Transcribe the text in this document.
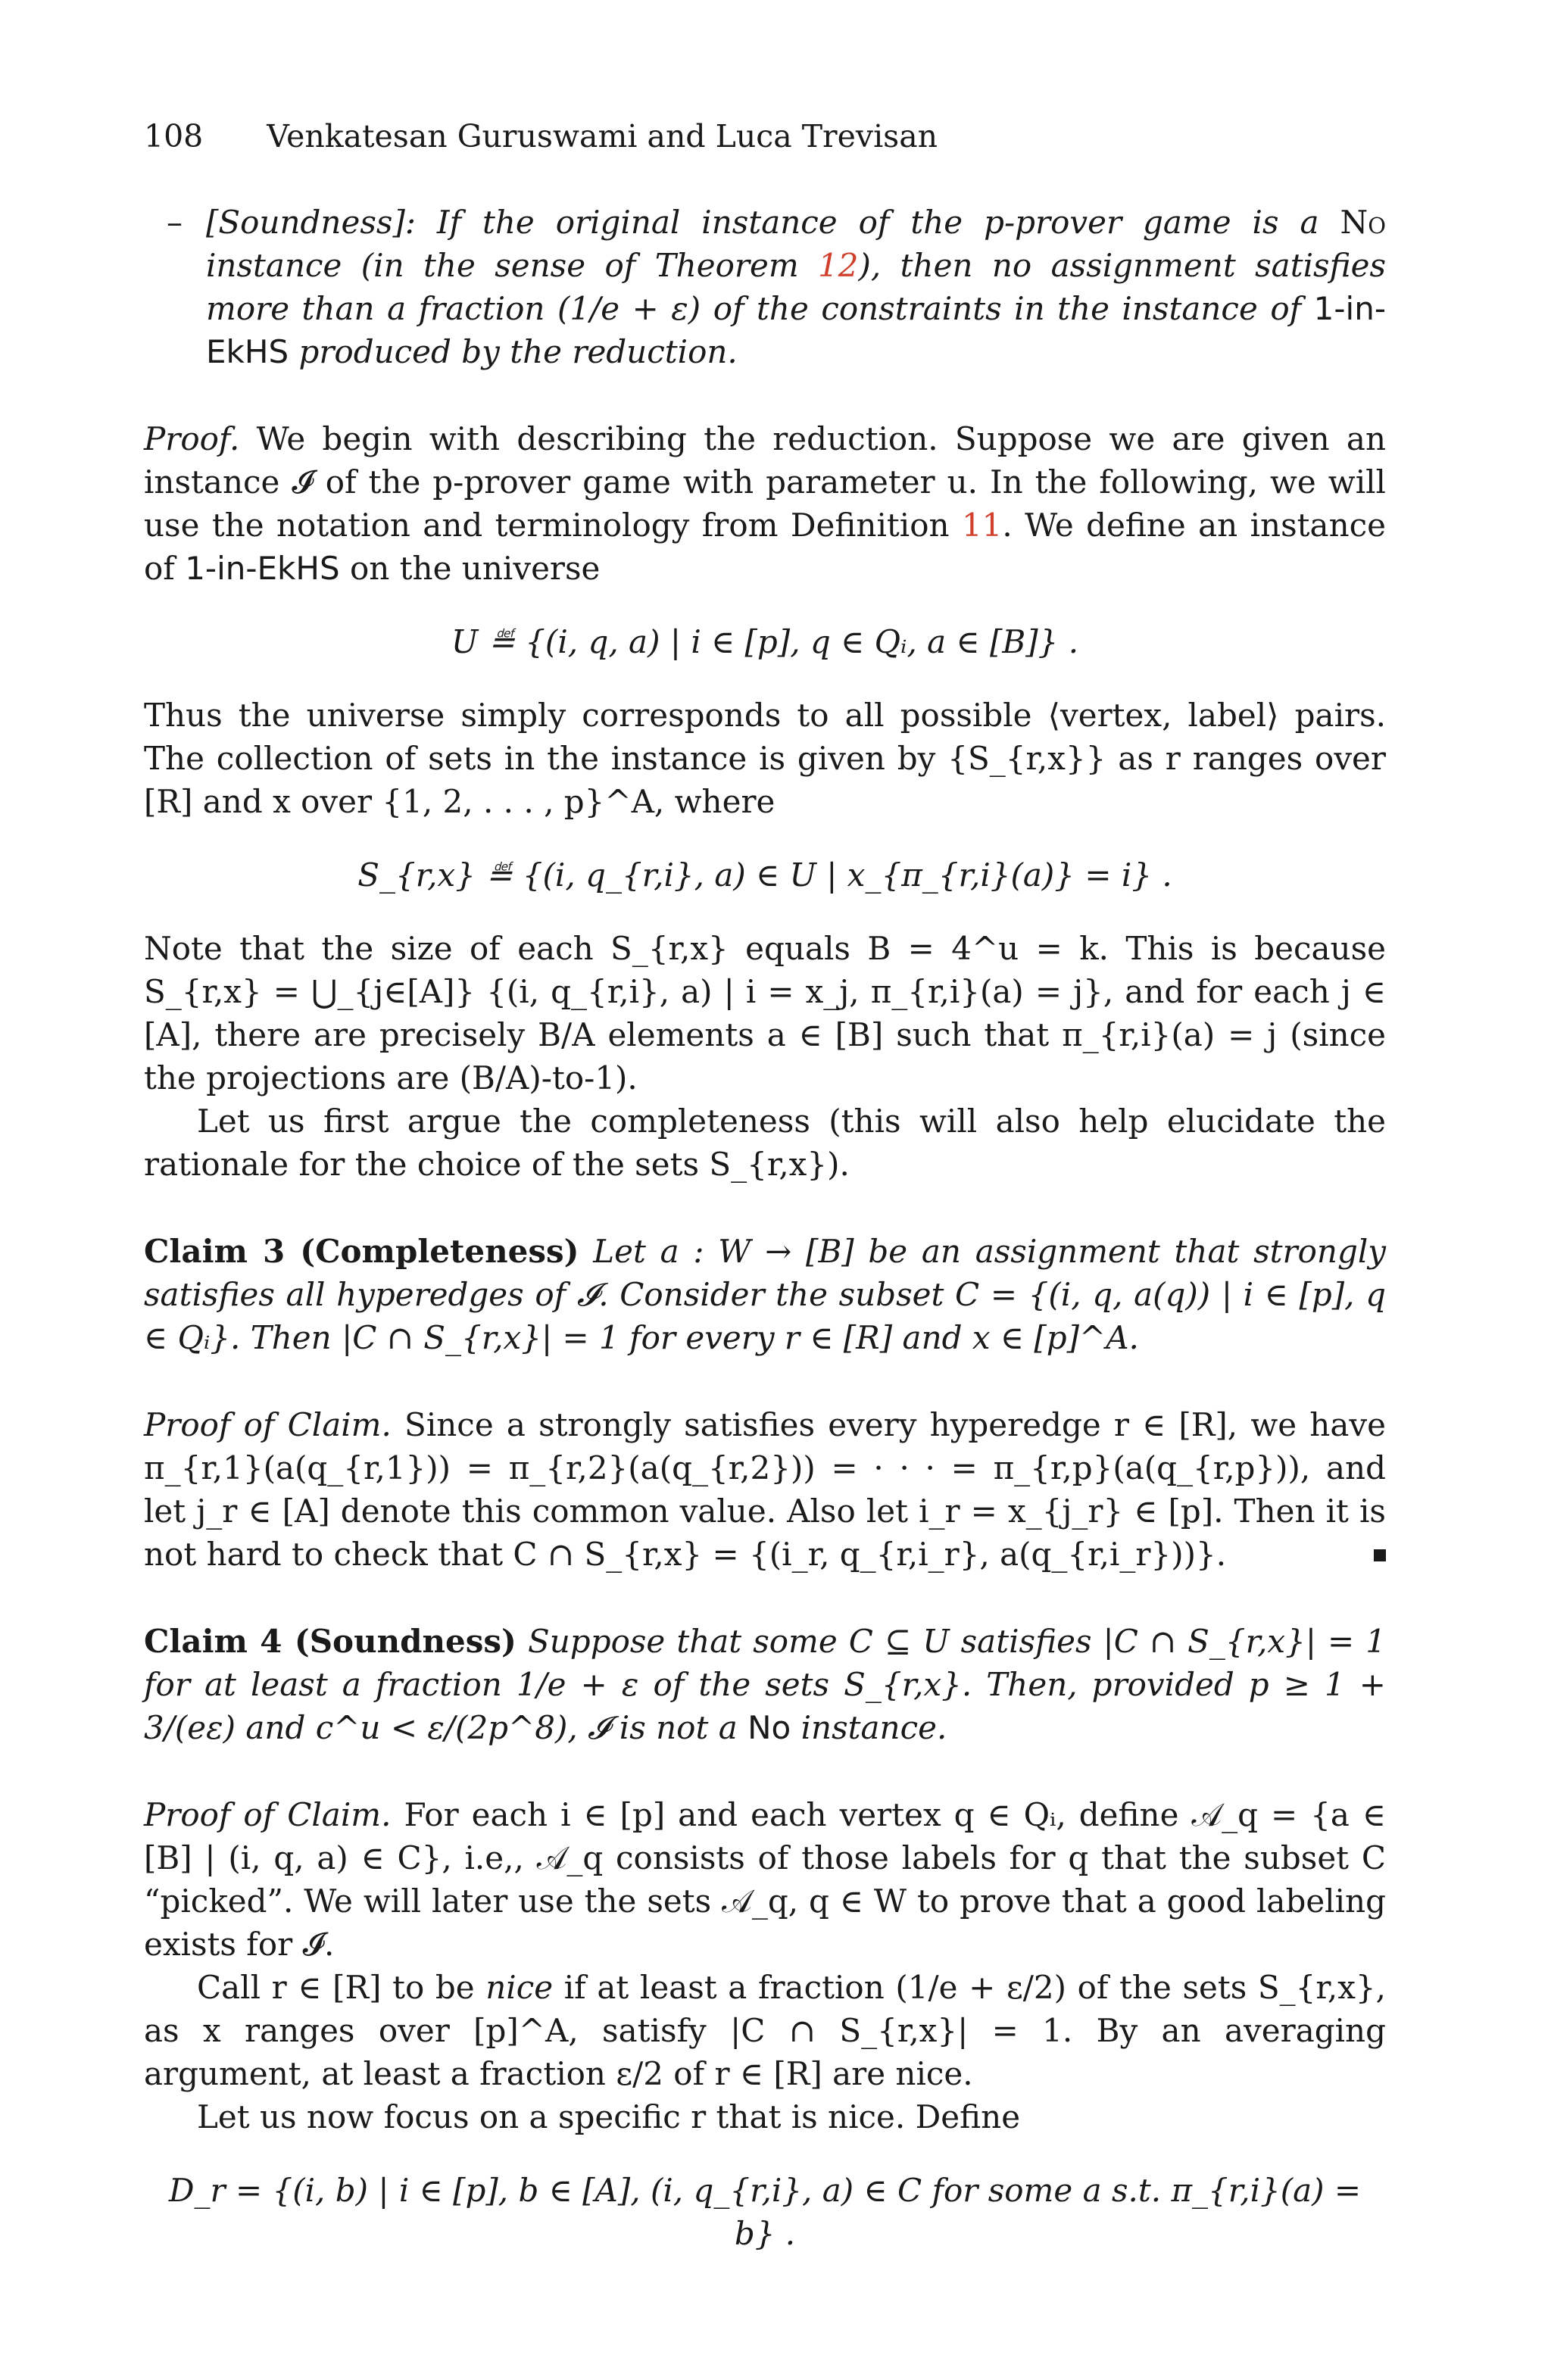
108 Venkatesan Guruswami and Luca Trevisan
– [Soundness]: If the original instance of the p-prover game is a No instance (in the sense of Theorem 12), then no assignment satisfies more than a fraction (1/e + ε) of the constraints in the instance of 1-in-EkHS produced by the reduction.

Proof. We begin with describing the reduction. Suppose we are given an instance 𝓘 of the p-prover game with parameter u. In the following, we will use the notation and terminology from Definition 11. We define an instance of 1-in-EkHS on the universe

U ≝ {(i, q, a) | i ∈ [p], q ∈ Qᵢ, a ∈ [B]} .

Thus the universe simply corresponds to all possible ⟨vertex, label⟩ pairs. The collection of sets in the instance is given by {S_{r,x}} as r ranges over [R] and x over {1, 2, . . . , p}^A, where

S_{r,x} ≝ {(i, q_{r,i}, a) ∈ U | x_{π_{r,i}(a)} = i} .

Note that the size of each S_{r,x} equals B = 4^u = k. This is because S_{r,x} = ⋃_{j∈[A]} {(i, q_{r,i}, a) | i = x_j, π_{r,i}(a) = j}, and for each j ∈ [A], there are precisely B/A elements a ∈ [B] such that π_{r,i}(a) = j (since the projections are (B/A)-to-1).

Let us first argue the completeness (this will also help elucidate the rationale for the choice of the sets S_{r,x}).

Claim 3 (Completeness) Let a : W → [B] be an assignment that strongly satisfies all hyperedges of 𝓘. Consider the subset C = {(i, q, a(q)) | i ∈ [p], q ∈ Qᵢ}. Then |C ∩ S_{r,x}| = 1 for every r ∈ [R] and x ∈ [p]^A.

Proof of Claim. Since a strongly satisfies every hyperedge r ∈ [R], we have π_{r,1}(a(q_{r,1})) = π_{r,2}(a(q_{r,2})) = · · · = π_{r,p}(a(q_{r,p})), and let j_r ∈ [A] denote this common value. Also let i_r = x_{j_r} ∈ [p]. Then it is not hard to check that C ∩ S_{r,x} = {(i_r, q_{r,i_r}, a(q_{r,i_r}))}.

Claim 4 (Soundness) Suppose that some C ⊆ U satisfies |C ∩ S_{r,x}| = 1 for at least a fraction 1/e + ε of the sets S_{r,x}. Then, provided p ≥ 1 + 3/(eε) and c^u < ε/(2p^8), 𝓘 is not a No instance.

Proof of Claim. For each i ∈ [p] and each vertex q ∈ Qᵢ, define 𝒜_q = {a ∈ [B] | (i, q, a) ∈ C}, i.e,, 𝒜_q consists of those labels for q that the subset C “picked”. We will later use the sets 𝒜_q, q ∈ W to prove that a good labeling exists for 𝓘.

Call r ∈ [R] to be nice if at least a fraction (1/e + ε/2) of the sets S_{r,x}, as x ranges over [p]^A, satisfy |C ∩ S_{r,x}| = 1. By an averaging argument, at least a fraction ε/2 of r ∈ [R] are nice.

Let us now focus on a specific r that is nice. Define

D_r = {(i, b) | i ∈ [p], b ∈ [A], (i, q_{r,i}, a) ∈ C for some a s.t. π_{r,i}(a) = b} .
